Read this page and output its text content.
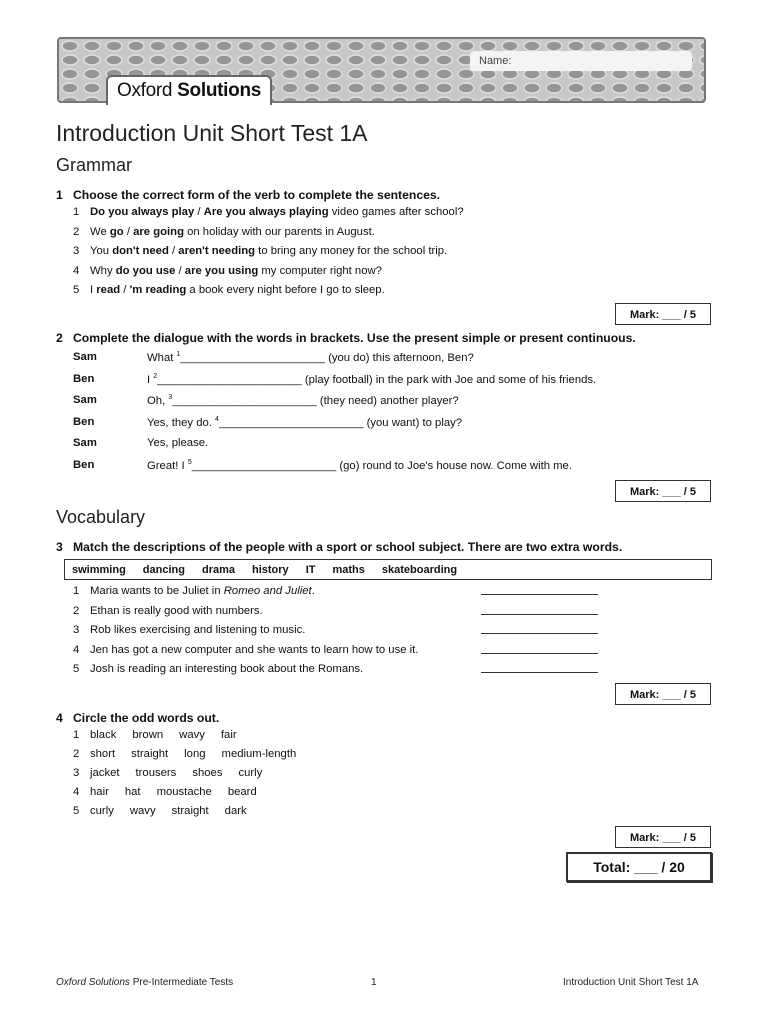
Name:
Oxford Solutions
Introduction Unit Short Test 1A
Grammar
1 Choose the correct form of the verb to complete the sentences.
1 Do you always play / Are you always playing video games after school?
2 We go / are going on holiday with our parents in August.
3 You don't need / aren't needing to bring any money for the school trip.
4 Why do you use / are you using my computer right now?
5 I read / 'm reading a book every night before I go to sleep.
Mark: ___ / 5
2 Complete the dialogue with the words in brackets. Use the present simple or present continuous.
Sam	What $^1$_______________________ (you do) this afternoon, Ben?
Ben	I $^2$_______________________ (play football) in the park with Joe and some of his friends.
Sam	Oh, $^3$_______________________ (they need) another player?
Ben	Yes, they do. $^4$_______________________ (you want) to play?
Sam	Yes, please.
Ben	Great! I $^5$_______________________ (go) round to Joe's house now. Come with me.
Mark: ___ / 5
Vocabulary
3 Match the descriptions of the people with a sport or school subject. There are two extra words.
swimming dancing drama history IT maths skateboarding
1 Maria wants to be Juliet in Romeo and Juliet.
2 Ethan is really good with numbers.
3 Rob likes exercising and listening to music.
4 Jen has got a new computer and she wants to learn how to use it.
5 Josh is reading an interesting book about the Romans.
Mark: ___ / 5
4 Circle the odd words out.
1 black brown wavy fair
2 short straight long medium-length
3 jacket trousers shoes curly
4 hair hat moustache beard
5 curly wavy straight dark
Mark: ___ / 5
Total: ___ / 20
Oxford Solutions Pre-Intermediate Tests	1	Introduction Unit Short Test 1A
